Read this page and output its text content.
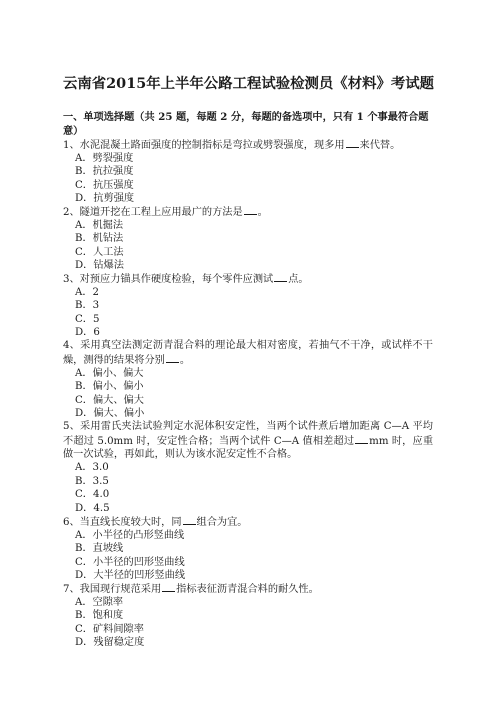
云南省2015年上半年公路工程试验检测员《材料》考试题
一、单项选择题（共 25 题，每题 2 分，每题的备选项中，只有 1 个事最符合题意）
1、水泥混凝土路面强度的控制指标是弯拉或劈裂强度，现多用 来代替。
A．劈裂强度
B．抗拉强度
C．抗压强度
D．抗剪强度
2、隧道开挖在工程上应用最广的方法是 。
A．机掘法
B．机钻法
C．人工法
D．钻爆法
3、对预应力锚具作硬度检验，每个零件应测试 点。
A．2
B．3
C．5
D．6
4、采用真空法测定沥青混合料的理论最大相对密度，若抽气不干净，或试样不干燥，测得的结果将分别 。
A．偏小、偏大
B．偏小、偏小
C．偏大、偏大
D．偏大、偏小
5、采用雷氏夹法试验判定水泥体积安定性，当两个试件煮后增加距离 C—A 平均不超过 5.0mm 时，安定性合格；当两个试件 C—A 值相差超过 mm 时，应重做一次试验，再如此，则认为该水泥安定性不合格。
A．3.0
B．3.5
C．4.0
D．4.5
6、当直线长度较大时，同 组合为宜。
A．小半径的凸形竖曲线
B．直坡线
C．小半径的凹形竖曲线
D．大半径的凹形竖曲线
7、我国现行规范采用 指标表征沥青混合料的耐久性。
A．空隙率
B．饱和度
C．矿料间隙率
D．残留稳定度
